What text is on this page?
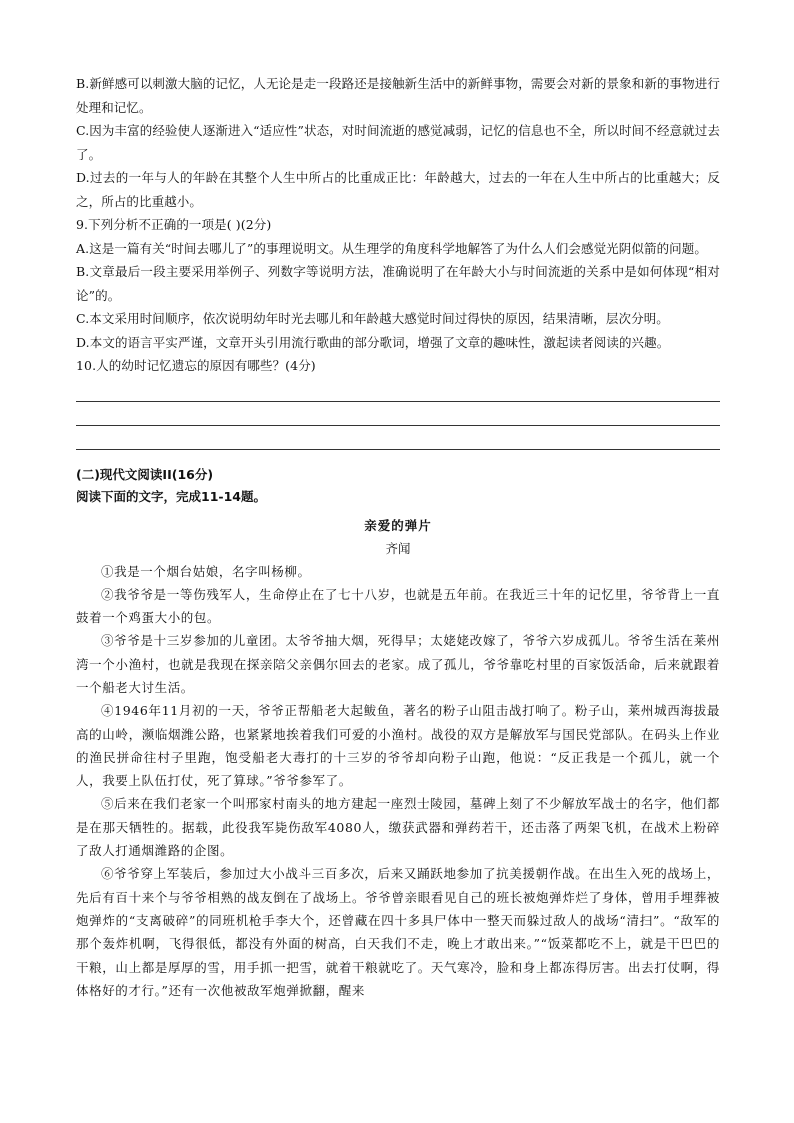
B.新鲜感可以刺激大脑的记忆，人无论是走一段路还是接触新生活中的新鲜事物，需要会对新的景象和新的事物进行处理和记忆。

C.因为丰富的经验使人逐渐进入“适应性”状态，对时间流逝的感觉减弱，记忆的信息也不全，所以时间不经意就过去了。

D.过去的一年与人的年龄在其整个人生中所占的比重成正比：年龄越大，过去的一年在人生中所占的比重越大；反之，所占的比重越小。

9.下列分析不正确的一项是( )(2分)

A.这是一篇有关“时间去哪儿了”的事理说明文。从生理学的角度科学地解答了为什么人们会感觉光阴似箭的问题。

B.文章最后一段主要采用举例子、列数字等说明方法，准确说明了在年龄大小与时间流逝的关系中是如何体现“相对论”的。

C.本文采用时间顺序，依次说明幼年时光去哪儿和年龄越大感觉时间过得快的原因，结果清晰，层次分明。

D.本文的语言平实严谨，文章开头引用流行歌曲的部分歌词，增强了文章的趣味性，激起读者阅读的兴趣。

10.人的幼时记忆遗忘的原因有哪些？(4分)

(二)现代文阅读II(16分)

阅读下面的文字，完成11-14题。

亲爱的弹片

齐闻

①我是一个烟台姑娘，名字叫杨柳。

②我爷爷是一等伤残军人，生命停止在了七十八岁，也就是五年前。在我近三十年的记忆里，爷爷背上一直鼓着一个鸡蛋大小的包。

③爷爷是十三岁参加的儿童团。太爷爷抽大烟，死得早；太姥姥改嫁了，爷爷六岁成孤儿。爷爷生活在莱州湾一个小渔村，也就是我现在探亲陪父亲偶尔回去的老家。成了孤儿，爷爷靠吃村里的百家饭活命，后来就跟着一个船老大讨生活。

④1946年11月初的一天，爷爷正帮船老大起鲅鱼，著名的粉子山阻击战打响了。粉子山，莱州城西海拔最高的山岭，濒临烟潍公路，也紧紧地挨着我们可爱的小渔村。战役的双方是解放军与国民党部队。在码头上作业的渔民拼命往村子里跑，饱受船老大毒打的十三岁的爷爷却向粉子山跑，他说：“反正我是一个孤儿，就一个人，我要上队伍打仗，死了算球。”爷爷参军了。

⑤后来在我们老家一个叫邢家村南头的地方建起一座烈士陵园，墓碑上刻了不少解放军战士的名字，他们都是在那天牺牲的。据载，此役我军毙伤敌军4080人，缴获武器和弹药若干，还击落了两架飞机，在战术上粉碎了敌人打通烟潍路的企图。

⑥爷爷穿上军装后，参加过大小战斗三百多次，后来又踊跃地参加了抗美援朝作战。在出生入死的战场上，先后有百十来个与爷爷相熟的战友倒在了战场上。爷爷曾亲眼看见自己的班长被炮弹炸烂了身体，曾用手埋葬被炮弹炸的“支离破碎”的同班机枪手李大个，还曾藏在四十多具尸体中一整天而躲过敌人的战场“清扫”。“敌军的那个轰炸机啊，飞得很低，都没有外面的树高，白天我们不走，晚上才敢出来。”“饭菜都吃不上，就是干巴巴的干粮，山上都是厚厚的雪，用手抓一把雪，就着干粮就吃了。天气寒冷，脸和身上都冻得厉害。出去打仗啊，得体格好的才行。”还有一次他被敌军炮弹掀翻，醒来
